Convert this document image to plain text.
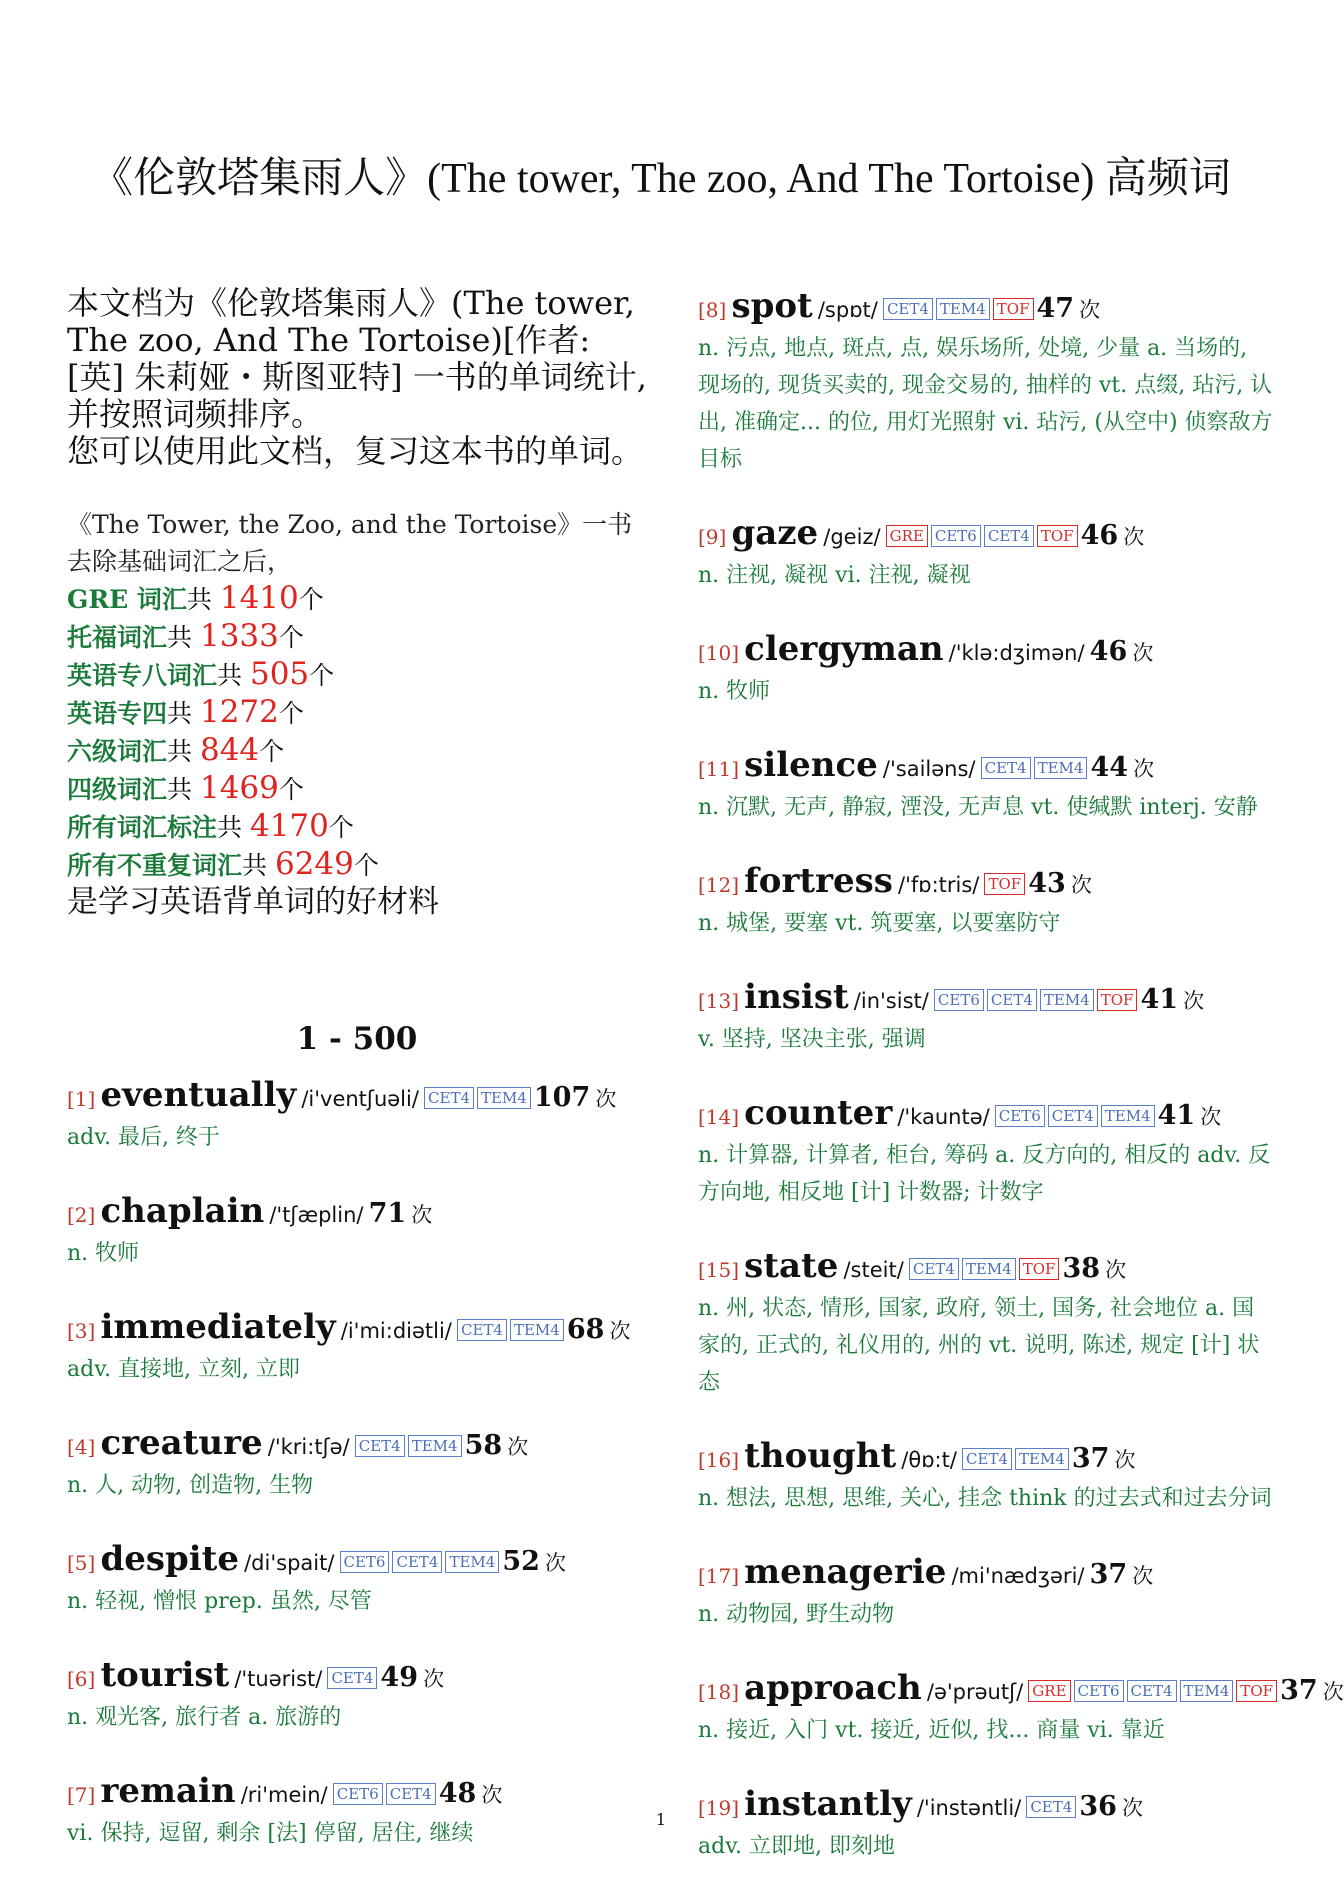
《伦敦塔集雨人》(The tower, The zoo, And The Tortoise) 高频词

本文档为《伦敦塔集雨人》(The tower, The zoo, And The Tortoise)[作者: [英] 朱莉娅・斯图亚特] 一书的单词统计, 并按照词频排序。

您可以使用此文档，复习这本书的单词。

《The Tower, the Zoo, and the Tortoise》一书去除基础词汇之后，
GRE 词汇共 1410个
托福词汇共 1333个
英语专八词汇共 505个
英语专四共 1272个
六级词汇共 844个
四级词汇共 1469个
所有词汇标注共 4170个
所有不重复词汇共 6249个
是学习英语背单词的好材料
1 - 500
[1] eventually /i'ventʃuəli/ CET4 TEM4 107 次
adv. 最后, 终于
[2] chaplain /'tʃæplin/ 71 次
n. 牧师
[3] immediately /i'mi:diətli/ CET4 TEM4 68 次
adv. 直接地, 立刻, 立即
[4] creature /'kri:tʃə/ CET4 TEM4 58 次
n. 人, 动物, 创造物, 生物
[5] despite /di'spait/ CET6 CET4 TEM4 52 次
n. 轻视, 憎恨 prep. 虽然, 尽管
[6] tourist /'tuərist/ CET4 49 次
n. 观光客, 旅行者 a. 旅游的
[7] remain /ri'mein/ CET6 CET4 48 次
vi. 保持, 逗留, 剩余 [法] 停留, 居住, 继续
[8] spot /spɒt/ CET4 TEM4 TOF 47 次
n. 污点, 地点, 斑点, 点, 娱乐场所, 处境, 少量 a. 当场的, 现场的, 现货买卖的, 现金交易的, 抽样的 vt. 点缀, 玷污, 认出, 准确定... 的位, 用灯光照射 vi. 玷污, (从空中) 侦察敌方目标
[9] gaze /geiz/ GRE CET6 CET4 TOF 46 次
n. 注视, 凝视 vi. 注视, 凝视
[10] clergyman /'klə:dʒimən/ 46 次
n. 牧师
[11] silence /'sailəns/ CET4 TEM4 44 次
n. 沉默, 无声, 静寂, 湮没, 无声息 vt. 使缄默 interj. 安静
[12] fortress /'fɒ:tris/ TOF 43 次
n. 城堡, 要塞 vt. 筑要塞, 以要塞防守
[13] insist /in'sist/ CET6 CET4 TEM4 TOF 41 次
v. 坚持, 坚决主张, 强调
[14] counter /'kauntə/ CET6 CET4 TEM4 41 次
n. 计算器, 计算者, 柜台, 筹码 a. 反方向的, 相反的 adv. 反方向地, 相反地 [计] 计数器; 计数字
[15] state /steit/ CET4 TEM4 TOF 38 次
n. 州, 状态, 情形, 国家, 政府, 领土, 国务, 社会地位 a. 国家的, 正式的, 礼仪用的, 州的 vt. 说明, 陈述, 规定 [计] 状态
[16] thought /θɒ:t/ CET4 TEM4 37 次
n. 想法, 思想, 思维, 关心, 挂念 think 的过去式和过去分词
[17] menagerie /mi'nædʒəri/ 37 次
n. 动物园, 野生动物
[18] approach /ə'prəutʃ/ GRE CET6 CET4 TEM4 TOF 37 次
n. 接近, 入门 vt. 接近, 近似, 找... 商量 vi. 靠近
[19] instantly /'instəntli/ CET4 36 次
adv. 立即地, 即刻地
1
